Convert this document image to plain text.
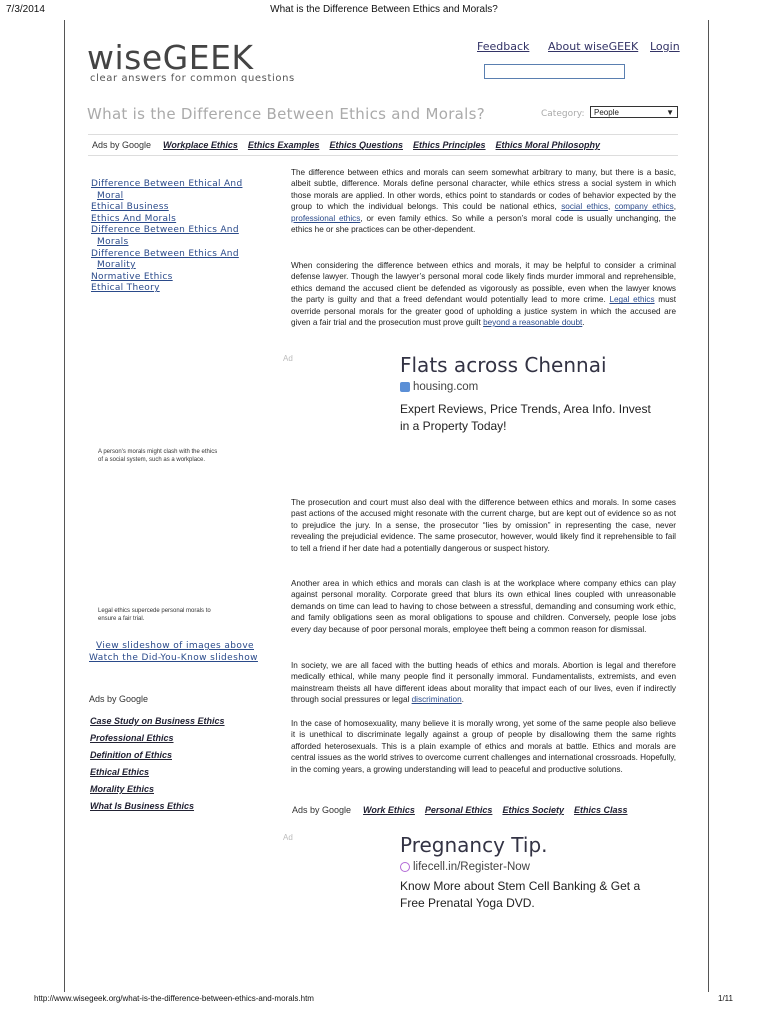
7/3/2014	What is the Difference Between Ethics and Morals?
wiseGEEK
clear answers for common questions
Feedback About wiseGEEK Login
What is the Difference Between Ethics and Morals?	Category:	People	▼
Ads by Google Workplace Ethics Ethics Examples Ethics Questions Ethics Principles Ethics Moral Philosophy
Difference Between Ethical And
Moral
Ethical Business
Ethics And Morals
Difference Between Ethics And
Morals
Difference Between Ethics And
Morality
Normative Ethics
Ethical Theory
The difference between ethics and morals can seem somewhat arbitrary to many, but there is a basic, albeit subtle, difference. Morals define personal character, while ethics stress a social system in which those morals are applied. In other words, ethics point to standards or codes of behavior expected by the group to which the individual belongs. This could be national ethics, social ethics, company ethics, professional ethics, or even family ethics. So while a person’s moral code is usually unchanging, the ethics he or she practices can be other-dependent.
When considering the difference between ethics and morals, it may be helpful to consider a criminal defense lawyer. Though the lawyer’s personal moral code likely finds murder immoral and reprehensible, ethics demand the accused client be defended as vigorously as possible, even when the lawyer knows the party is guilty and that a freed defendant would potentially lead to more crime. Legal ethics must override personal morals for the greater good of upholding a justice system in which the accused are given a fair trial and the prosecution must prove guilt beyond a reasonable doubt.
Ad	Flats across Chennai
housing.com
Expert Reviews, Price Trends, Area Info. Invest
in a Property Today!
A person's morals might clash with the ethics
of a social system, such as a workplace.
The prosecution and court must also deal with the difference between ethics and morals. In some cases past actions of the accused might resonate with the current charge, but are kept out of evidence so as not to prejudice the jury. In a sense, the prosecutor “lies by omission” in representing the case, never revealing the prejudicial evidence. The same prosecutor, however, would likely find it reprehensible to fail to tell a friend if her date had a potentially dangerous or suspect history.
Another area in which ethics and morals can clash is at the workplace where company ethics can play against personal morality. Corporate greed that blurs its own ethical lines coupled with unreasonable demands on time can lead to having to chose between a stressful, demanding and consuming work ethic, and family obligations seen as moral obligations to spouse and children. Conversely, people lose jobs every day because of poor personal morals, employee theft being a common reason for dismissal.
In society, we are all faced with the butting heads of ethics and morals. Abortion is legal and therefore medically ethical, while many people find it personally immoral. Fundamentalists, extremists, and even mainstream theists all have different ideas about morality that impact each of our lives, even if indirectly through social pressures or legal discrimination.
In the case of homosexuality, many believe it is morally wrong, yet some of the same people also believe it is unethical to discriminate legally against a group of people by disallowing them the same rights afforded heterosexuals. This is a plain example of ethics and morals at battle. Ethics and morals are central issues as the world strives to overcome current challenges and international crossroads. Hopefully, in the coming years, a growing understanding will lead to peaceful and productive solutions.
Legal ethics supercede personal morals to
ensure a fair trial.
View slideshow of images above
Watch the Did-You-Know slideshow
Ads by Google
Case Study on Business Ethics
Professional Ethics
Definition of Ethics
Ethical Ethics
Morality Ethics
What Is Business Ethics	Ads by Google Work Ethics Personal Ethics Ethics Society Ethics Class
Ad	Pregnancy Tip.
lifecell.in/Register-Now
Know More about Stem Cell Banking & Get a
Free Prenatal Yoga DVD.
http://www.wisegeek.org/what-is-the-difference-between-ethics-and-morals.htm	1/11
